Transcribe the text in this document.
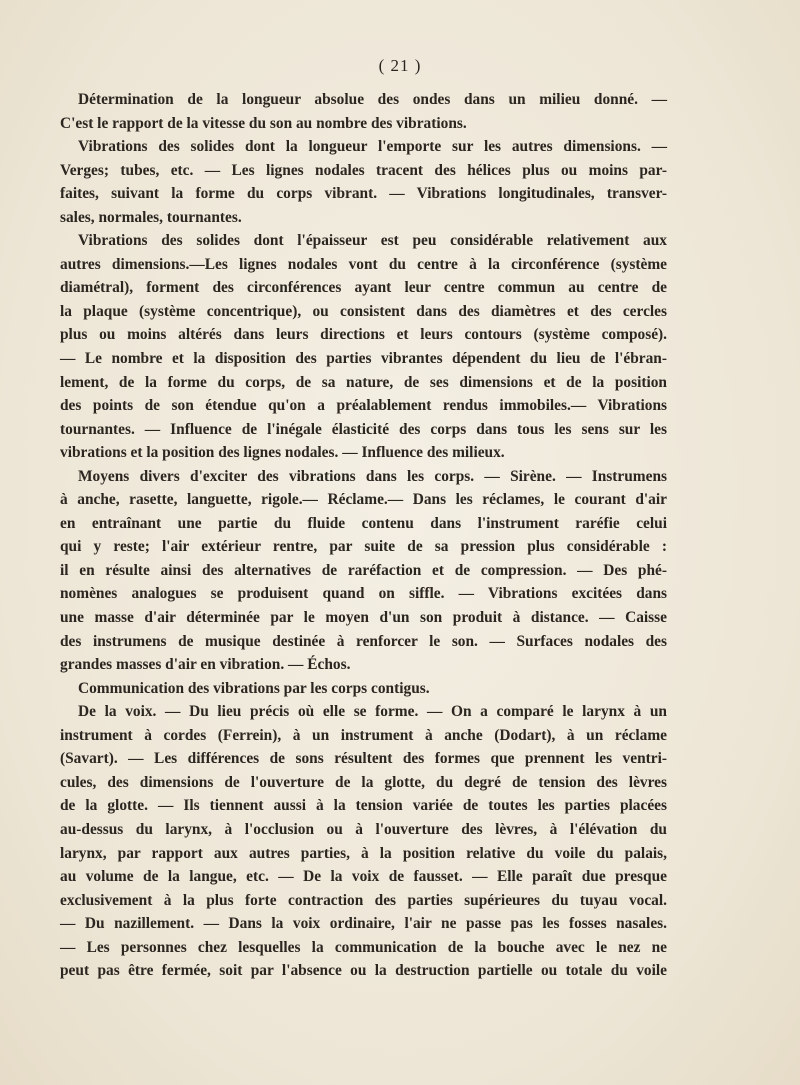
( 21 )
Détermination de la longueur absolue des ondes dans un milieu donné. —
C'est le rapport de la vitesse du son au nombre des vibrations.
Vibrations des solides dont la longueur l'emporte sur les autres dimensions. —
Verges; tubes, etc. — Les lignes nodales tracent des hélices plus ou moins par-
faites, suivant la forme du corps vibrant. — Vibrations longitudinales, transver-
sales, normales, tournantes.
Vibrations des solides dont l'épaisseur est peu considérable relativement aux
autres dimensions.—Les lignes nodales vont du centre à la circonférence (système
diamétral), forment des circonférences ayant leur centre commun au centre de
la plaque (système concentrique), ou consistent dans des diamètres et des cercles
plus ou moins altérés dans leurs directions et leurs contours (système composé).
— Le nombre et la disposition des parties vibrantes dépendent du lieu de l'ébran-
lement, de la forme du corps, de sa nature, de ses dimensions et de la position
des points de son étendue qu'on a préalablement rendus immobiles.— Vibrations
tournantes. — Influence de l'inégale élasticité des corps dans tous les sens sur les
vibrations et la position des lignes nodales. — Influence des milieux.
Moyens divers d'exciter des vibrations dans les corps. — Sirène. — Instrumens
à anche, rasette, languette, rigole.— Réclame.— Dans les réclames, le courant d'air
en entraînant une partie du fluide contenu dans l'instrument raréfie celui
qui y reste; l'air extérieur rentre, par suite de sa pression plus considérable :
il en résulte ainsi des alternatives de raréfaction et de compression. — Des phé-
nomènes analogues se produisent quand on siffle. — Vibrations excitées dans
une masse d'air déterminée par le moyen d'un son produit à distance. — Caisse
des instrumens de musique destinée à renforcer le son. — Surfaces nodales des
grandes masses d'air en vibration. — Échos.
Communication des vibrations par les corps contigus.
De la voix. — Du lieu précis où elle se forme. — On a comparé le larynx à un
instrument à cordes (Ferrein), à un instrument à anche (Dodart), à un réclame
(Savart). — Les différences de sons résultent des formes que prennent les ventri-
cules, des dimensions de l'ouverture de la glotte, du degré de tension des lèvres
de la glotte. — Ils tiennent aussi à la tension variée de toutes les parties placées
au-dessus du larynx, à l'occlusion ou à l'ouverture des lèvres, à l'élévation du
larynx, par rapport aux autres parties, à la position relative du voile du palais,
au volume de la langue, etc. — De la voix de fausset. — Elle paraît due presque
exclusivement à la plus forte contraction des parties supérieures du tuyau vocal.
— Du nazillement. — Dans la voix ordinaire, l'air ne passe pas les fosses nasales.
— Les personnes chez lesquelles la communication de la bouche avec le nez ne
peut pas être fermée, soit par l'absence ou la destruction partielle ou totale du voile
